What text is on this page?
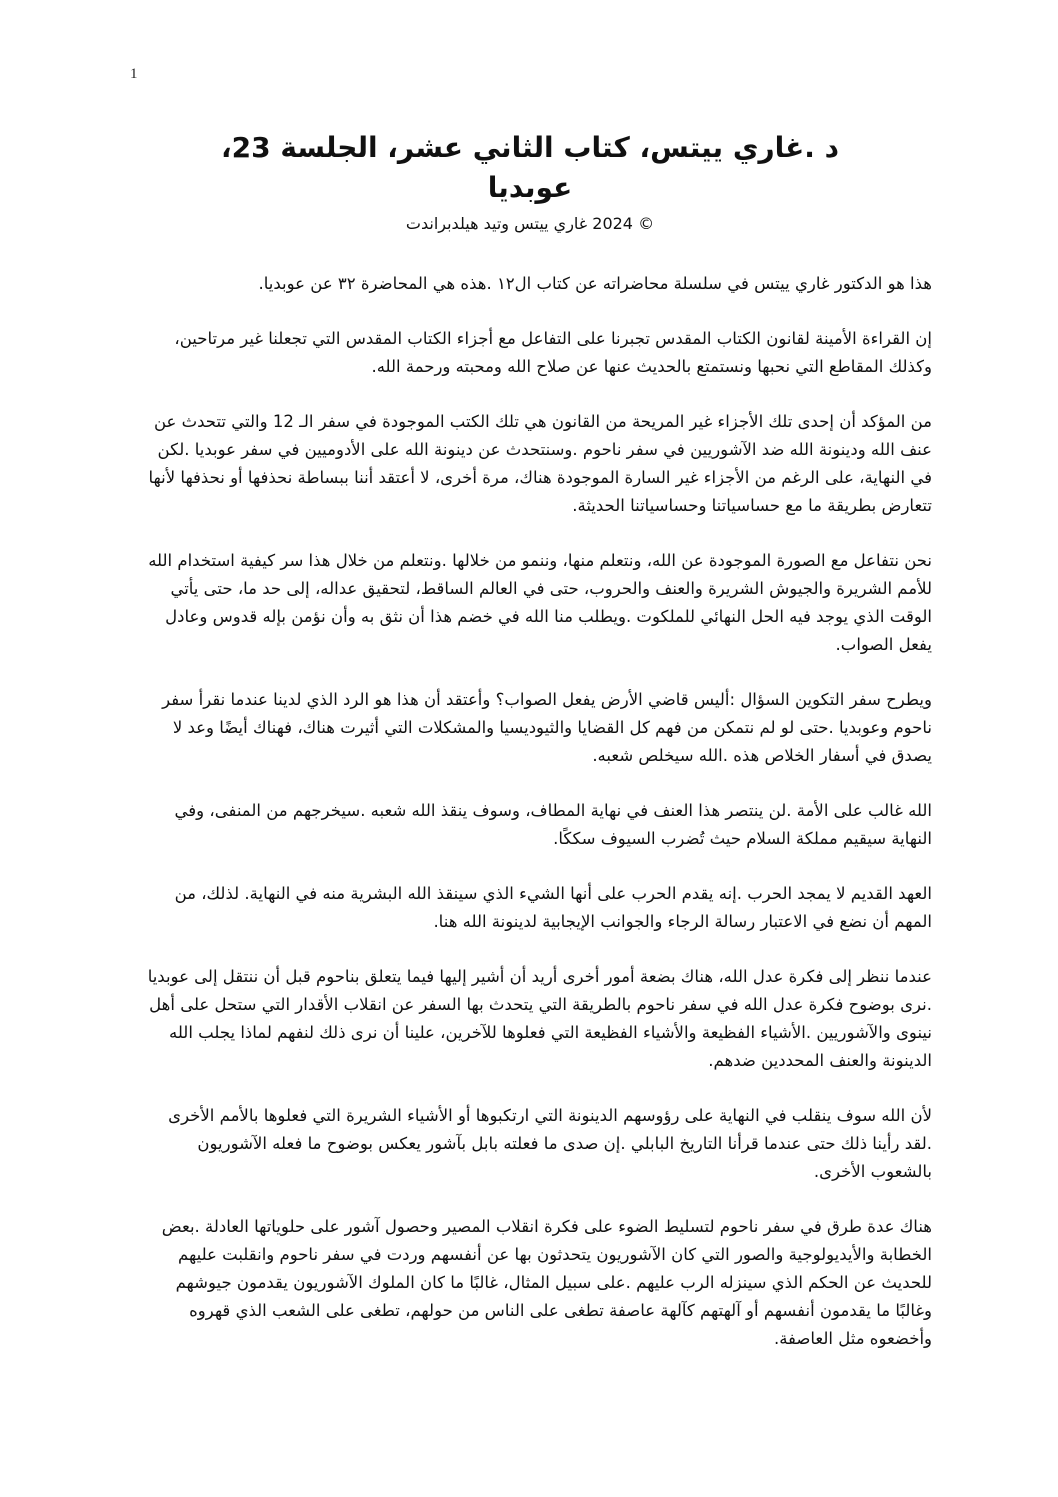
1
د .غاري ييتس، كتاب الثاني عشر، الجلسة 23،
عوبديا
© 2024 غاري ييتس وتيد هيلدبراندت

هذا هو الدكتور غاري ييتس في سلسلة محاضراته عن كتاب ال١٢ .هذه هي المحاضرة ٣٢ عن عوبديا.

إن القراءة الأمينة لقانون الكتاب المقدس تجبرنا على التفاعل مع أجزاء الكتاب المقدس التي تجعلنا غير مرتاحين، وكذلك المقاطع التي نحبها ونستمتع بالحديث عنها عن صلاح الله ومحبته ورحمة الله.

من المؤكد أن إحدى تلك الأجزاء غير المريحة من القانون هي تلك الكتب الموجودة في سفر الـ 12 والتي تتحدث عن عنف الله ودينونة الله ضد الآشوريين في سفر ناحوم .وسنتحدث عن دينونة الله على الأدوميين في سفر عوبديا .لكن في النهاية، على الرغم من الأجزاء غير السارة الموجودة هناك، مرة أخرى، لا أعتقد أننا ببساطة نحذفها أو نحذفها لأنها تتعارض بطريقة ما مع حساسياتنا وحساسياتنا الحديثة.

نحن نتفاعل مع الصورة الموجودة عن الله، ونتعلم منها، وننمو من خلالها .ونتعلم من خلال هذا سر كيفية استخدام الله للأمم الشريرة والجيوش الشريرة والعنف والحروب، حتى في العالم الساقط، لتحقيق عداله، إلى حد ما، حتى يأتي الوقت الذي يوجد فيه الحل النهائي للملكوت .ويطلب منا الله في خضم هذا أن نثق به وأن نؤمن بإله قدوس وعادل يفعل الصواب.

ويطرح سفر التكوين السؤال :أليس قاضي الأرض يفعل الصواب؟ وأعتقد أن هذا هو الرد الذي لدينا عندما نقرأ سفر ناحوم وعوبديا .حتى لو لم نتمكن من فهم كل القضايا والثيوديسيا والمشكلات التي أثيرت هناك، فهناك أيضًا وعد لا يصدق في أسفار الخلاص هذه .الله سيخلص شعبه.

الله غالب على الأمة .لن ينتصر هذا العنف في نهاية المطاف، وسوف ينقذ الله شعبه .سيخرجهم من المنفى، وفي النهاية سيقيم مملكة السلام حيث تُضرب السيوف سككًا.

العهد القديم لا يمجد الحرب .إنه يقدم الحرب على أنها الشيء الذي سينقذ الله البشرية منه في النهاية. لذلك، من المهم أن نضع في الاعتبار رسالة الرجاء والجوانب الإيجابية لدينونة الله هنا.

عندما ننظر إلى فكرة عدل الله، هناك بضعة أمور أخرى أريد أن أشير إليها فيما يتعلق بناحوم قبل أن ننتقل إلى عوبديا .نرى بوضوح فكرة عدل الله في سفر ناحوم بالطريقة التي يتحدث بها السفر عن انقلاب الأقدار التي ستحل على أهل نينوى والآشوريين .الأشياء الفظيعة والأشياء الفظيعة التي فعلوها للآخرين، علينا أن نرى ذلك لنفهم لماذا يجلب الله الدينونة والعنف المحددين ضدهم.

لأن الله سوف ينقلب في النهاية على رؤوسهم الدينونة التي ارتكبوها أو الأشياء الشريرة التي فعلوها بالأمم الأخرى .لقد رأينا ذلك حتى عندما قرأنا التاريخ البابلي .إن صدى ما فعلته بابل بآشور يعكس بوضوح ما فعله الآشوريون بالشعوب الأخرى.

هناك عدة طرق في سفر ناحوم لتسليط الضوء على فكرة انقلاب المصير وحصول آشور على حلوياتها العادلة .بعض الخطابة والأيديولوجية والصور التي كان الآشوريون يتحدثون بها عن أنفسهم وردت في سفر ناحوم وانقلبت عليهم للحديث عن الحكم الذي سينزله الرب عليهم .على سبيل المثال، غالبًا ما كان الملوك الآشوريون يقدمون جيوشهم وغالبًا ما يقدمون أنفسهم أو آلهتهم كآلهة عاصفة تطغى على الناس من حولهم، تطغى على الشعب الذي قهروه وأخضعوه مثل العاصفة.
